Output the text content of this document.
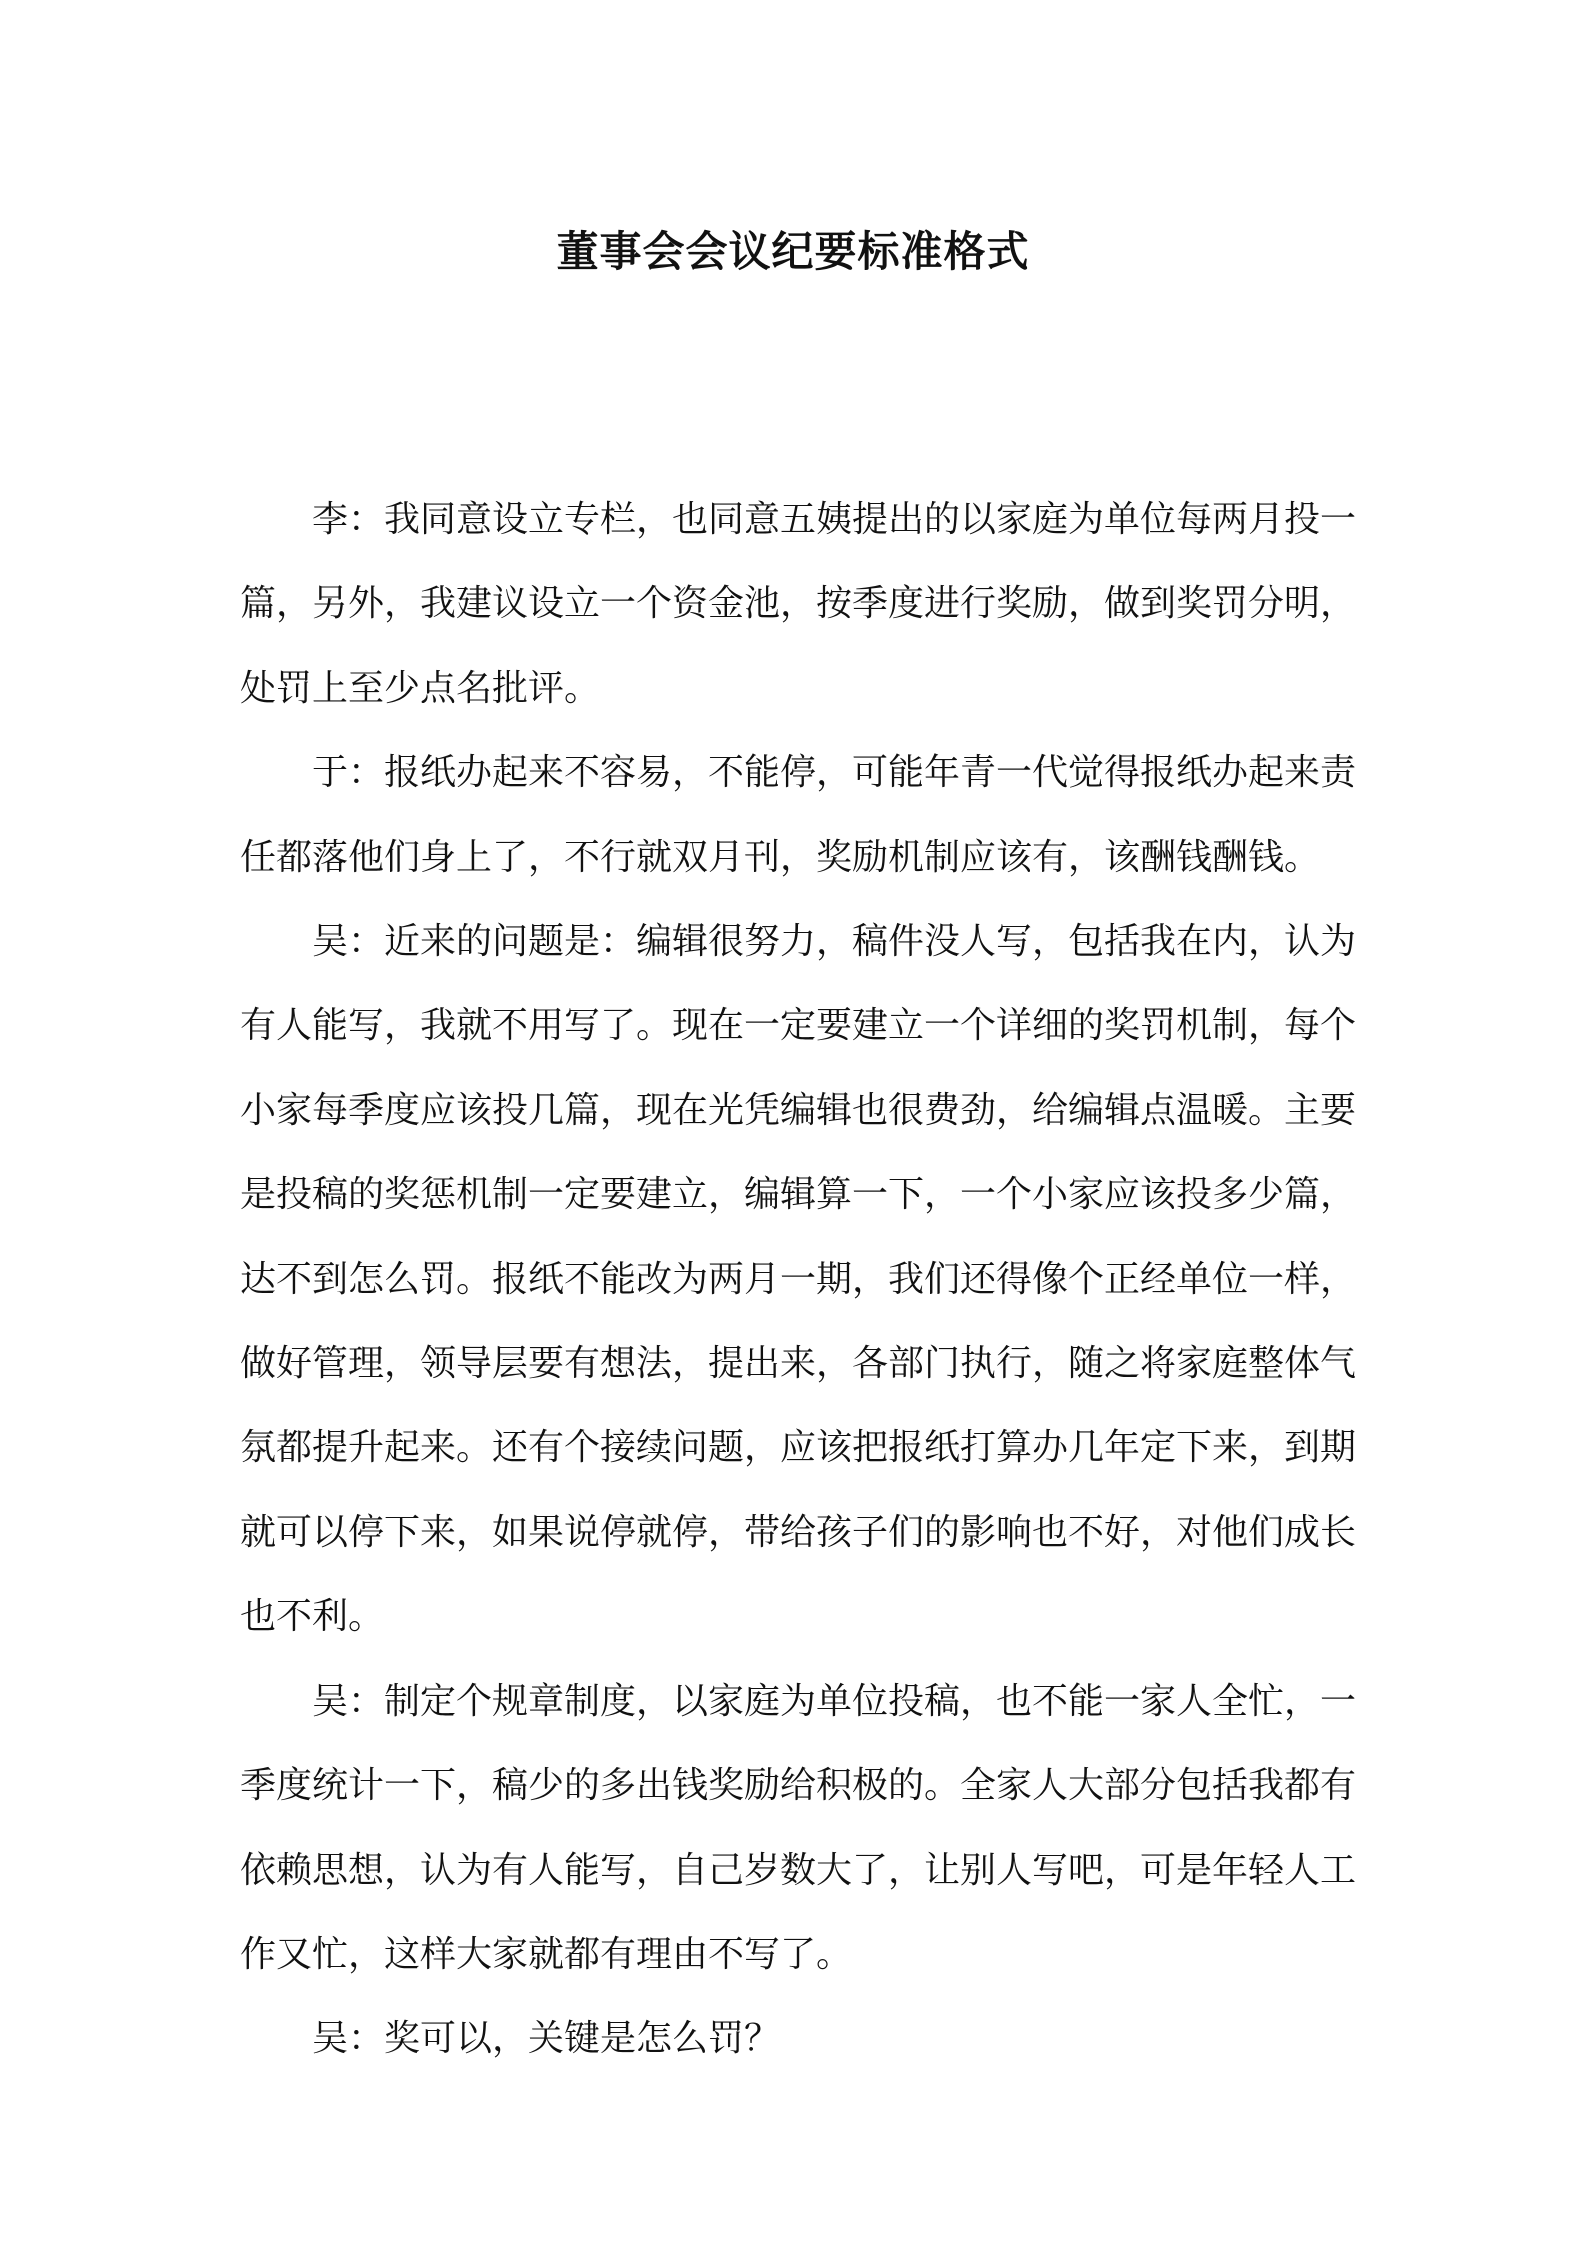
董事会会议纪要标准格式

李：我同意设立专栏，也同意五姨提出的以家庭为单位每两月投一篇，另外，我建议设立一个资金池，按季度进行奖励，做到奖罚分明，处罚上至少点名批评。

于：报纸办起来不容易，不能停，可能年青一代觉得报纸办起来责任都落他们身上了，不行就双月刊，奖励机制应该有，该酬钱酬钱。

吴：近来的问题是：编辑很努力，稿件没人写，包括我在内，认为有人能写，我就不用写了。现在一定要建立一个详细的奖罚机制，每个小家每季度应该投几篇，现在光凭编辑也很费劲，给编辑点温暖。主要是投稿的奖惩机制一定要建立，编辑算一下，一个小家应该投多少篇，达不到怎么罚。报纸不能改为两月一期，我们还得像个正经单位一样，做好管理，领导层要有想法，提出来，各部门执行，随之将家庭整体气氛都提升起来。还有个接续问题，应该把报纸打算办几年定下来，到期就可以停下来，如果说停就停，带给孩子们的影响也不好，对他们成长也不利。

吴：制定个规章制度，以家庭为单位投稿，也不能一家人全忙，一季度统计一下，稿少的多出钱奖励给积极的。全家人大部分包括我都有依赖思想，认为有人能写，自己岁数大了，让别人写吧，可是年轻人工作又忙，这样大家就都有理由不写了。

吴：奖可以，关键是怎么罚？
